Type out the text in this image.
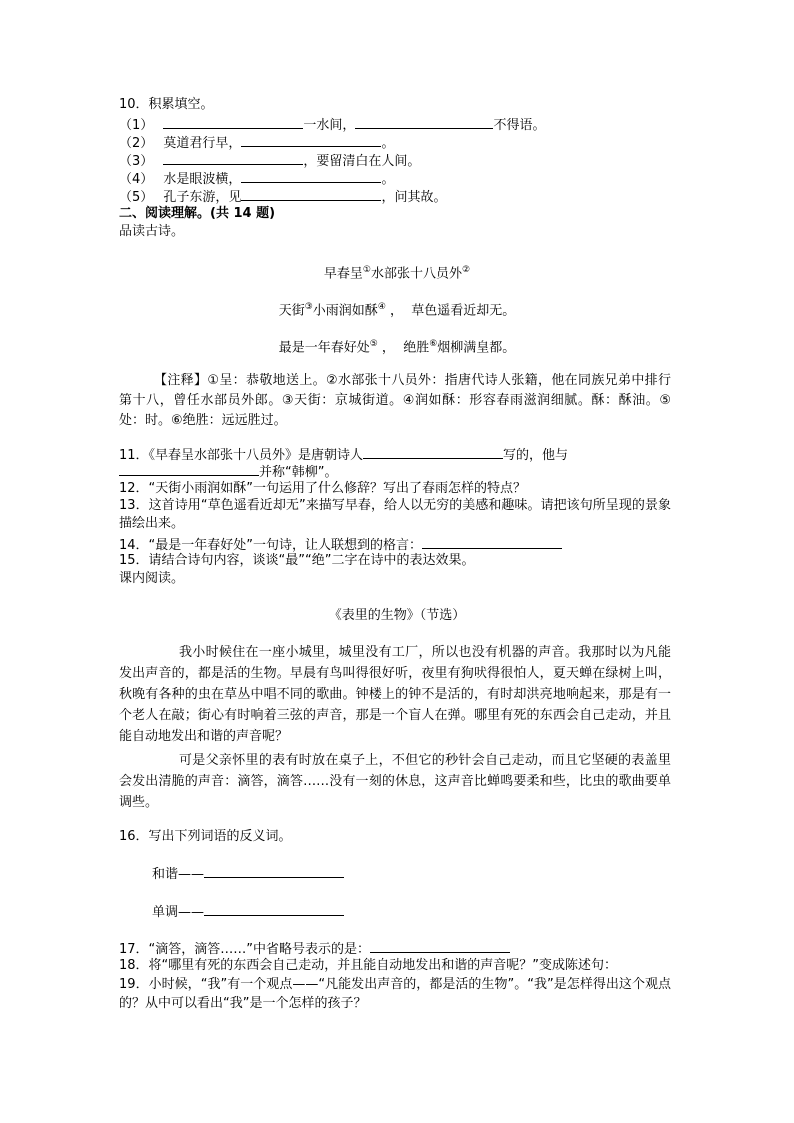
10．积累填空。
（1）	一水间，	不得语。
（2） 莫道君行早，	。
（3）	，要留清白在人间。
（4） 水是眼波横，	。
（5） 孔子东游，见	，问其故。
二、阅读理解。(共 14 题)
品读古诗。
早春呈①水部张十八员外②
天街③小雨润如酥④ ，  草色遥看近却无。
最是一年春好处⑤ ，  绝胜⑥烟柳满皇都。
【注释】①呈：恭敬地送上。②水部张十八员外：指唐代诗人张籍，他在同族兄弟中排行第十八，曾任水部员外郎。③天街：京城街道。④润如酥：形容春雨滋润细腻。酥：酥油。⑤处：时。⑥绝胜：远远胜过。
11．《早春呈水部张十八员外》是唐朝诗人	写的，他与
并称“韩柳”。
12．“天街小雨润如酥”一句运用了什么修辞？写出了春雨怎样的特点？
13．这首诗用“草色遥看近却无”来描写早春，给人以无穷的美感和趣味。请把该句所呈现的景象描绘出来。
14．“最是一年春好处”一句诗，让人联想到的格言：
15．请结合诗句内容，谈谈“最”“绝”二字在诗中的表达效果。
课内阅读。
《表里的生物》（节选）
我小时候住在一座小城里，城里没有工厂，所以也没有机器的声音。我那时以为凡能发出声音的，都是活的生物。早晨有鸟叫得很好听，夜里有狗吠得很怕人，夏天蝉在绿树上叫，秋晚有各种的虫在草丛中唱不同的歌曲。钟楼上的钟不是活的，有时却洪亮地响起来，那是有一个老人在敲；街心有时响着三弦的声音，那是一个盲人在弹。哪里有死的东西会自己走动，并且能自动地发出和谐的声音呢？
可是父亲怀里的表有时放在桌子上，不但它的秒针会自己走动，而且它坚硬的表盖里会发出清脆的声音：滴答，滴答……没有一刻的休息，这声音比蝉鸣要柔和些，比虫的歌曲要单调些。
16．写出下列词语的反义词。
和谐——
单调——
17．“滴答，滴答……”中省略号表示的是：
18．将“哪里有死的东西会自己走动，并且能自动地发出和谐的声音呢？”变成陈述句：
19．小时候，“我”有一个观点——“凡能发出声音的，都是活的生物”。“我”是怎样得出这个观点的？从中可以看出“我”是一个怎样的孩子？
